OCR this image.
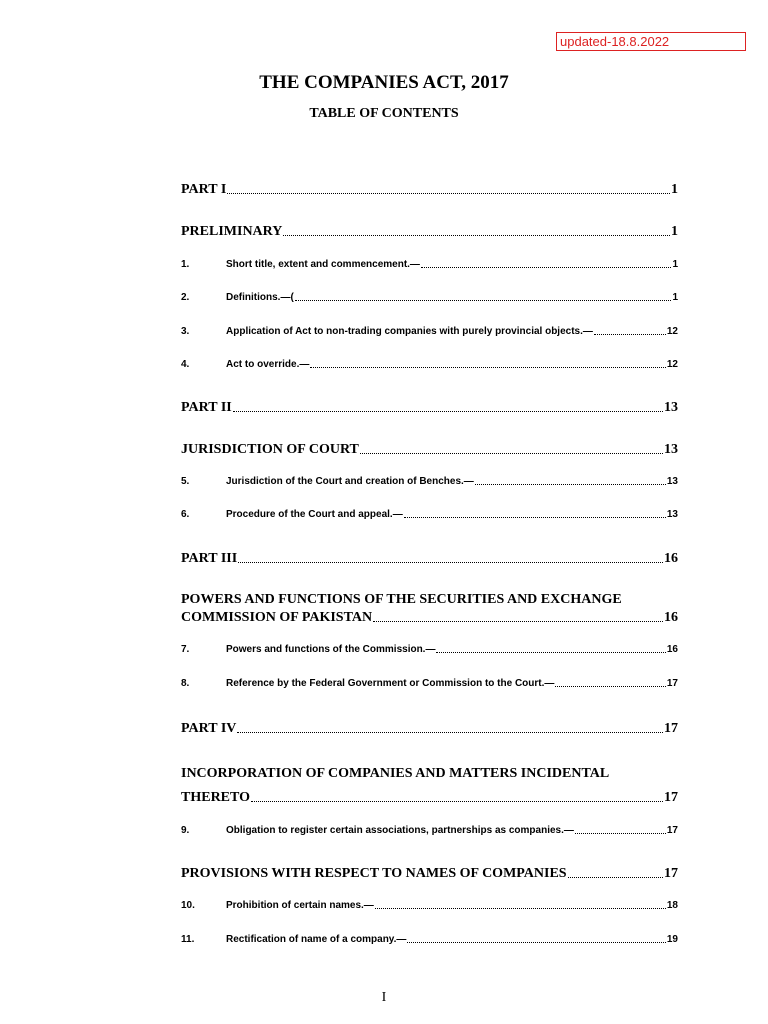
updated-18.8.2022
THE COMPANIES ACT, 2017
TABLE OF CONTENTS
PART I	1
PRELIMINARY	1
1.	Short title, extent and commencement.—	1
2.	Definitions.—(	1
3.	Application of Act to non-trading companies with purely provincial objects.—	12
4.	Act to override.—	12
PART II	13
JURISDICTION OF COURT	13
5.	Jurisdiction of the Court and creation of Benches.—	13
6.	Procedure of the Court and appeal.—	13
PART III	16
POWERS AND FUNCTIONS OF THE SECURITIES AND EXCHANGE
COMMISSION OF PAKISTAN	16
7.	Powers and functions of the Commission.—	16
8.	Reference by the Federal Government or Commission to the Court.—	17
PART IV	17
INCORPORATION OF COMPANIES AND MATTERS INCIDENTAL
THERETO	17
9.	Obligation to register certain associations, partnerships as companies.—	17
PROVISIONS WITH RESPECT TO NAMES OF COMPANIES	17
10.	Prohibition of certain names.—	18
11.	Rectification of name of a company.—	19
I
